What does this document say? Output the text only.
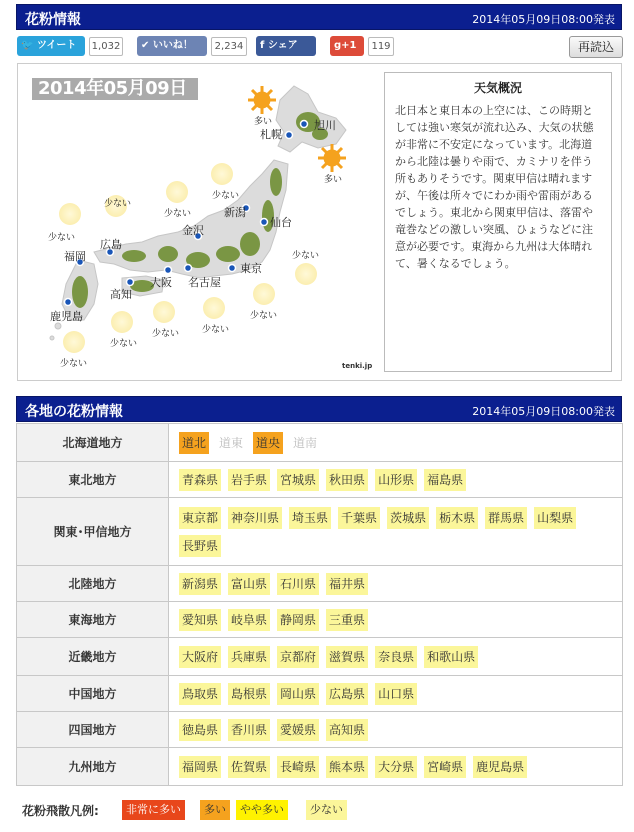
花粉情報	2014年05月09日08:00発表
🐦 ツイート	1,032	✔ いいね！	2,234	f シェア	g+1	119	再読込
2014年05月09日
旭川
札幌
仙台
新潟
金沢
東京
名古屋
大阪
広島
福岡
高知
鹿児島
多い
多い
少ない
少ない
少ない
少ない
少ない
少ない
少ない
少ない
少ない
少ない	tenki.jp
天気概況

北日本と東日本の上空には、この時期としては強い寒気が流れ込み、大気の状態が非常に不安定になっています。北海道から北陸は曇りや雨で、カミナリを伴う所もありそうです。関東甲信は晴れますが、午後は所々でにわか雨や雷雨があるでしょう。東北から関東甲信は、落雷や竜巻などの激しい突風、ひょうなどに注意が必要です。東海から九州は大体晴れて、暑くなるでしょう。

各地の花粉情報	2014年05月09日08:00発表
北海道地方	道北 道東 道央 道南
東北地方	青森県 岩手県 宮城県 秋田県 山形県 福島県
関東･甲信地方	東京都 神奈川県 埼玉県 千葉県 茨城県 栃木県 群馬県 山梨県長野県
北陸地方	新潟県 富山県 石川県 福井県
東海地方	愛知県 岐阜県 静岡県 三重県
近畿地方	大阪府 兵庫県 京都府 滋賀県 奈良県 和歌山県
中国地方	鳥取県 島根県 岡山県 広島県 山口県
四国地方	徳島県 香川県 愛媛県 高知県
九州地方	福岡県 佐賀県 長崎県 熊本県 大分県 宮崎県 鹿児島県
花粉飛散凡例:	非常に多い	多い	やや多い	少ない
